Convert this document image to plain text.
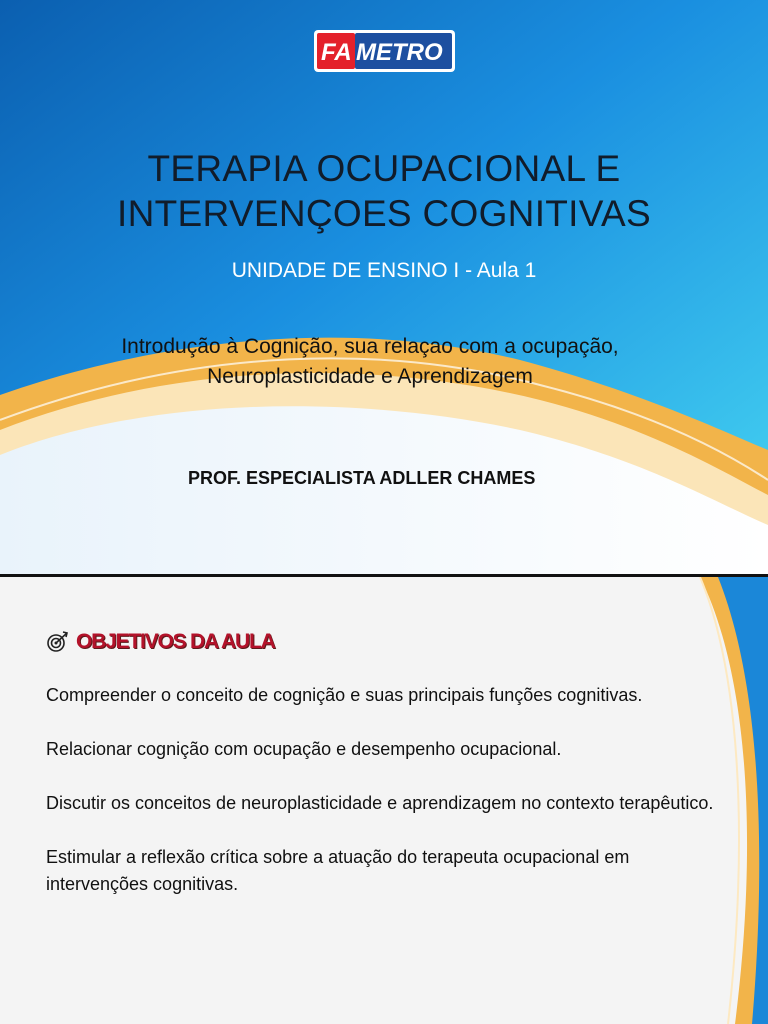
FA METRO
TERAPIA OCUPACIONAL E
INTERVENÇOES COGNITIVAS
UNIDADE DE ENSINO I - Aula 1
Introdução à Cognição, sua relaçao com a ocupação,
Neuroplasticidade e Aprendizagem
PROF. ESPECIALISTA ADLLER CHAMES
OBJETIVOS DA AULA
Compreender o conceito de cognição e suas principais funções cognitivas.
Relacionar cognição com ocupação e desempenho ocupacional.
Discutir os conceitos de neuroplasticidade e aprendizagem no contexto terapêutico.
Estimular a reflexão crítica sobre a atuação do terapeuta ocupacional em intervenções cognitivas.
